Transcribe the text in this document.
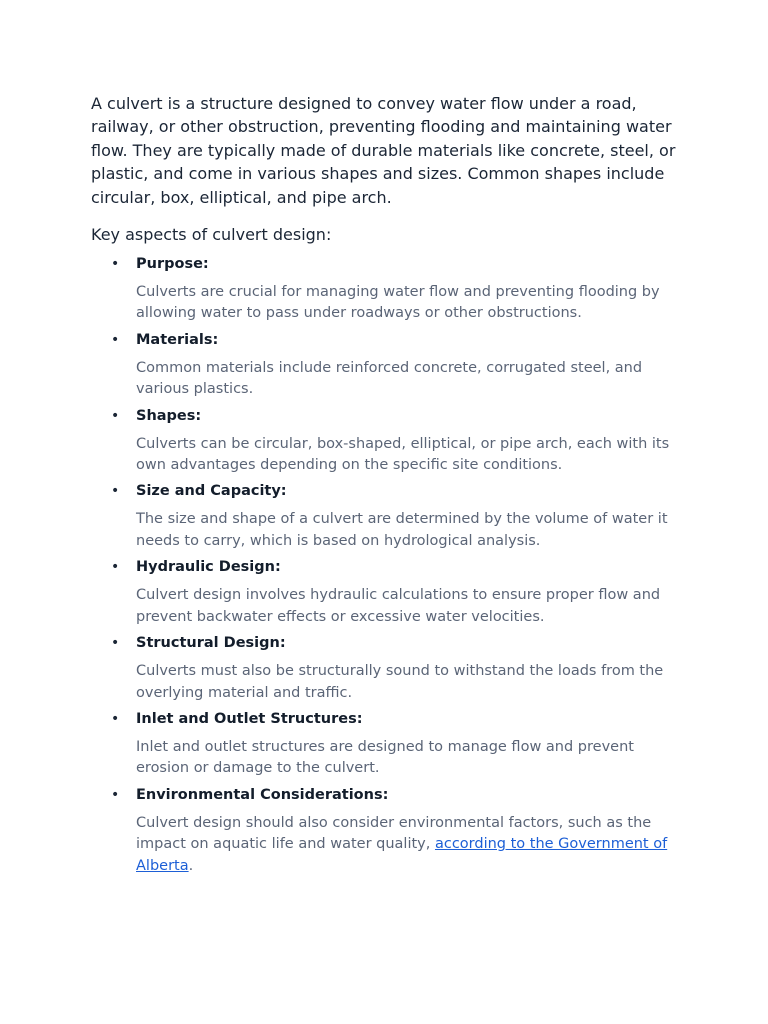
A culvert is a structure designed to convey water flow under a road, railway, or other obstruction, preventing flooding and maintaining water flow. They are typically made of durable materials like concrete, steel, or plastic, and come in various shapes and sizes. Common shapes include circular, box, elliptical, and pipe arch.

Key aspects of culvert design:

• Purpose:
Culverts are crucial for managing water flow and preventing flooding by allowing water to pass under roadways or other obstructions.
• Materials:
Common materials include reinforced concrete, corrugated steel, and various plastics.
• Shapes:
Culverts can be circular, box-shaped, elliptical, or pipe arch, each with its own advantages depending on the specific site conditions.
• Size and Capacity:
The size and shape of a culvert are determined by the volume of water it needs to carry, which is based on hydrological analysis.
• Hydraulic Design:
Culvert design involves hydraulic calculations to ensure proper flow and prevent backwater effects or excessive water velocities.
• Structural Design:
Culverts must also be structurally sound to withstand the loads from the overlying material and traffic.
• Inlet and Outlet Structures:
Inlet and outlet structures are designed to manage flow and prevent erosion or damage to the culvert.
• Environmental Considerations:
Culvert design should also consider environmental factors, such as the impact on aquatic life and water quality, according to the Government of Alberta.
